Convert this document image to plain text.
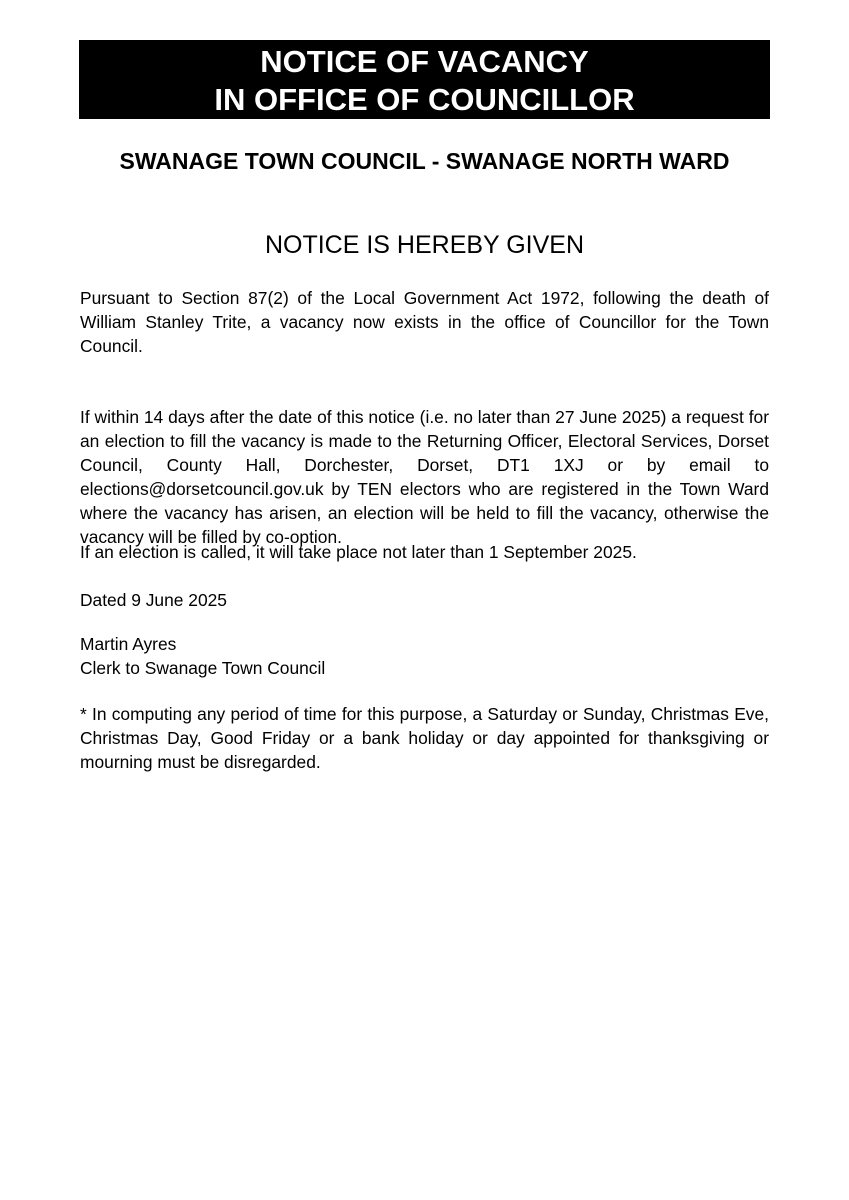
NOTICE OF VACANCY
IN OFFICE OF COUNCILLOR
SWANAGE TOWN COUNCIL - SWANAGE NORTH WARD
NOTICE IS HEREBY GIVEN
Pursuant to Section 87(2) of the Local Government Act 1972, following the death of William Stanley Trite, a vacancy now exists in the office of Councillor for the Town Council.
If within 14 days after the date of this notice (i.e. no later than 27 June 2025) a request for an election to fill the vacancy is made to the Returning Officer, Electoral Services, Dorset Council, County Hall, Dorchester, Dorset, DT1 1XJ or by email to elections@dorsetcouncil.gov.uk by TEN electors who are registered in the Town Ward where the vacancy has arisen, an election will be held to fill the vacancy, otherwise the vacancy will be filled by co-option.
If an election is called, it will take place not later than 1 September 2025.
Dated 9 June 2025
Martin Ayres
Clerk to Swanage Town Council
* In computing any period of time for this purpose, a Saturday or Sunday, Christmas Eve, Christmas Day, Good Friday or a bank holiday or day appointed for thanksgiving or mourning must be disregarded.
